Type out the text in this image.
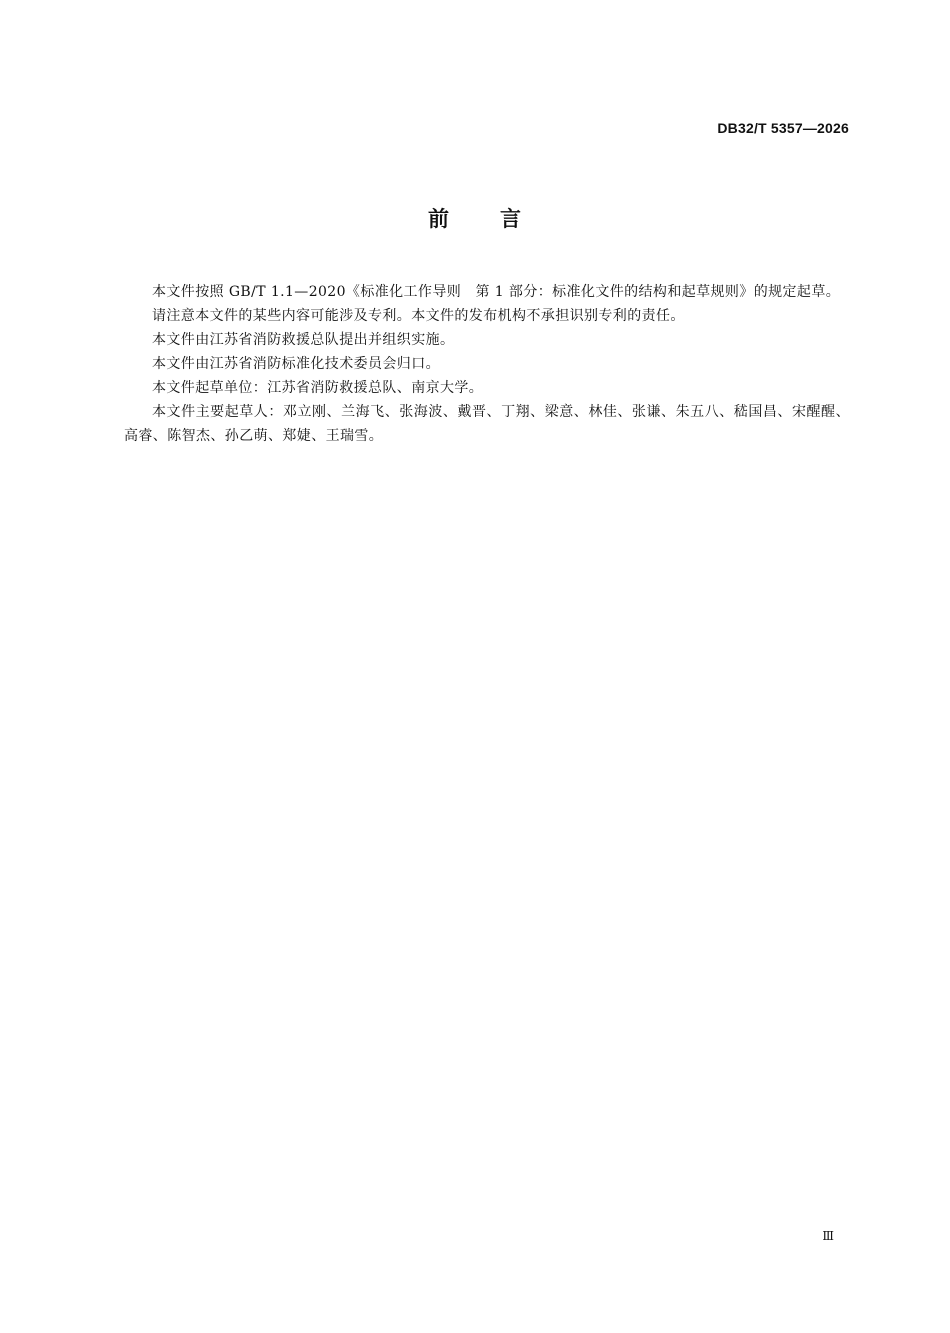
DB32/T 5357—2026
前 言

本文件按照 GB/T 1.1—2020《标准化工作导则　第 1 部分：标准化文件的结构和起草规则》的规定起草。

请注意本文件的某些内容可能涉及专利。本文件的发布机构不承担识别专利的责任。

本文件由江苏省消防救援总队提出并组织实施。

本文件由江苏省消防标准化技术委员会归口。

本文件起草单位：江苏省消防救援总队、南京大学。

本文件主要起草人：邓立刚、兰海飞、张海波、戴晋、丁翔、梁意、林佳、张谦、朱五八、嵇国昌、宋醒醒、高睿、陈智杰、孙乙萌、郑婕、王瑞雪。

Ⅲ
